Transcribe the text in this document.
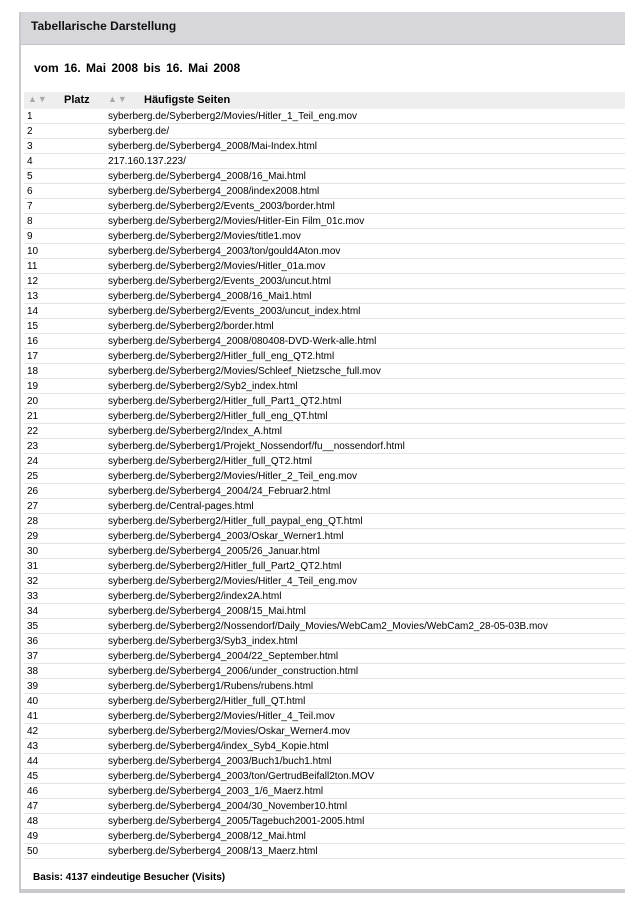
Tabellarische Darstellung
vom 16. Mai 2008 bis 16. Mai 2008
▲▼ Platz ▲▼ Häufigste Seiten
1	syberberg.de/Syberberg2/Movies/Hitler_1_Teil_eng.mov
2	syberberg.de/
3	syberberg.de/Syberberg4_2008/Mai-Index.html
4	217.160.137.223/
5	syberberg.de/Syberberg4_2008/16_Mai.html
6	syberberg.de/Syberberg4_2008/index2008.html
7	syberberg.de/Syberberg2/Events_2003/border.html
8	syberberg.de/Syberberg2/Movies/Hitler-Ein Film_01c.mov
9	syberberg.de/Syberberg2/Movies/title1.mov
10	syberberg.de/Syberberg4_2003/ton/gould4Aton.mov
11	syberberg.de/Syberberg2/Movies/Hitler_01a.mov
12	syberberg.de/Syberberg2/Events_2003/uncut.html
13	syberberg.de/Syberberg4_2008/16_Mai1.html
14	syberberg.de/Syberberg2/Events_2003/uncut_index.html
15	syberberg.de/Syberberg2/border.html
16	syberberg.de/Syberberg4_2008/080408-DVD-Werk-alle.html
17	syberberg.de/Syberberg2/Hitler_full_eng_QT2.html
18	syberberg.de/Syberberg2/Movies/Schleef_Nietzsche_full.mov
19	syberberg.de/Syberberg2/Syb2_index.html
20	syberberg.de/Syberberg2/Hitler_full_Part1_QT2.html
21	syberberg.de/Syberberg2/Hitler_full_eng_QT.html
22	syberberg.de/Syberberg2/Index_A.html
23	syberberg.de/Syberberg1/Projekt_Nossendorf/fu__nossendorf.html
24	syberberg.de/Syberberg2/Hitler_full_QT2.html
25	syberberg.de/Syberberg2/Movies/Hitler_2_Teil_eng.mov
26	syberberg.de/Syberberg4_2004/24_Februar2.html
27	syberberg.de/Central-pages.html
28	syberberg.de/Syberberg2/Hitler_full_paypal_eng_QT.html
29	syberberg.de/Syberberg4_2003/Oskar_Werner1.html
30	syberberg.de/Syberberg4_2005/26_Januar.html
31	syberberg.de/Syberberg2/Hitler_full_Part2_QT2.html
32	syberberg.de/Syberberg2/Movies/Hitler_4_Teil_eng.mov
33	syberberg.de/Syberberg2/index2A.html
34	syberberg.de/Syberberg4_2008/15_Mai.html
35	syberberg.de/Syberberg2/Nossendorf/Daily_Movies/WebCam2_Movies/WebCam2_28-05-03B.mov
36	syberberg.de/Syberberg3/Syb3_index.html
37	syberberg.de/Syberberg4_2004/22_September.html
38	syberberg.de/Syberberg4_2006/under_construction.html
39	syberberg.de/Syberberg1/Rubens/rubens.html
40	syberberg.de/Syberberg2/Hitler_full_QT.html
41	syberberg.de/Syberberg2/Movies/Hitler_4_Teil.mov
42	syberberg.de/Syberberg2/Movies/Oskar_Werner4.mov
43	syberberg.de/Syberberg4/index_Syb4_Kopie.html
44	syberberg.de/Syberberg4_2003/Buch1/buch1.html
45	syberberg.de/Syberberg4_2003/ton/GertrudBeifall2ton.MOV
46	syberberg.de/Syberberg4_2003_1/6_Maerz.html
47	syberberg.de/Syberberg4_2004/30_November10.html
48	syberberg.de/Syberberg4_2005/Tagebuch2001-2005.html
49	syberberg.de/Syberberg4_2008/12_Mai.html
50	syberberg.de/Syberberg4_2008/13_Maerz.html
Basis: 4137 eindeutige Besucher (Visits)
